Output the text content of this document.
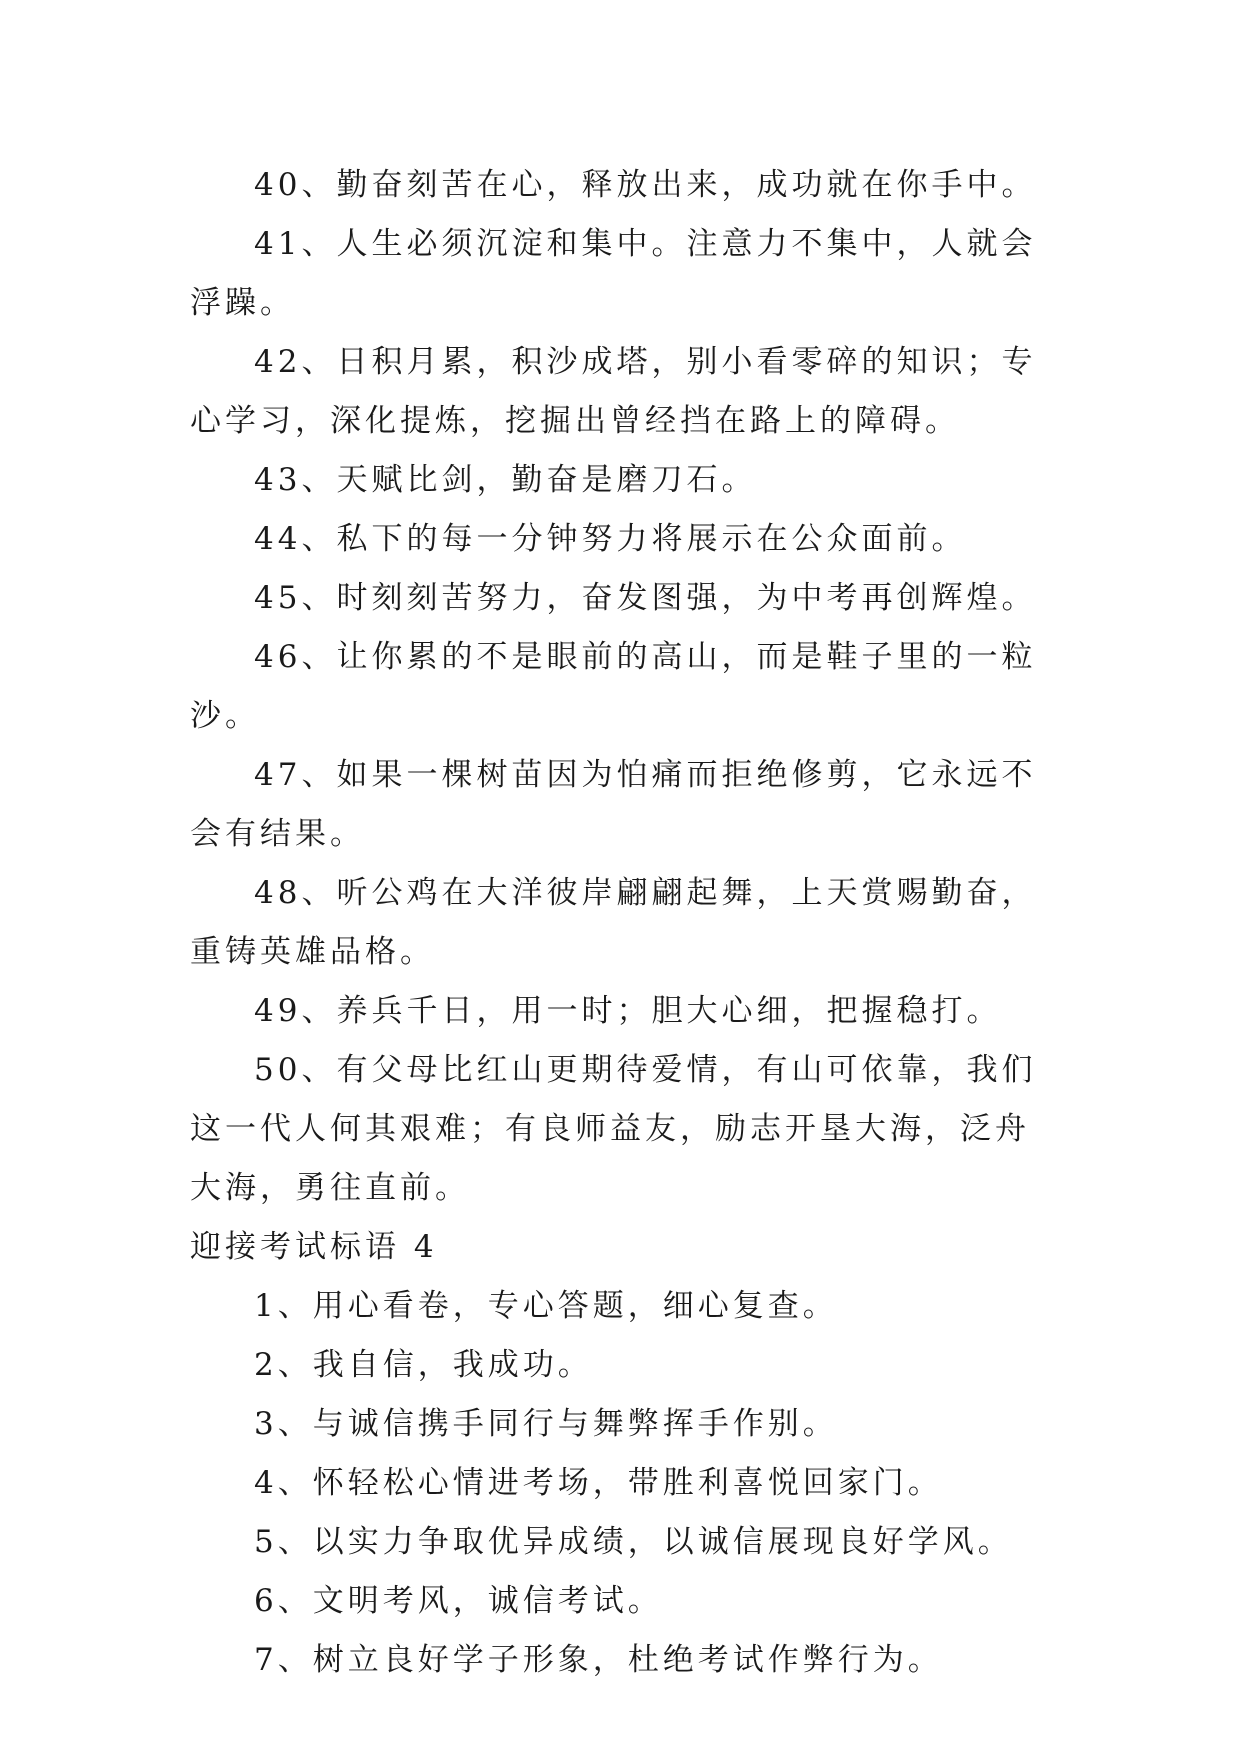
40、勤奋刻苦在心，释放出来，成功就在你手中。

41、人生必须沉淀和集中。注意力不集中，人就会浮躁。

42、日积月累，积沙成塔，别小看零碎的知识；专心学习，深化提炼，挖掘出曾经挡在路上的障碍。

43、天赋比剑，勤奋是磨刀石。

44、私下的每一分钟努力将展示在公众面前。

45、时刻刻苦努力，奋发图强，为中考再创辉煌。

46、让你累的不是眼前的高山，而是鞋子里的一粒沙。

47、如果一棵树苗因为怕痛而拒绝修剪，它永远不会有结果。

48、听公鸡在大洋彼岸翩翩起舞，上天赏赐勤奋，重铸英雄品格。

49、养兵千日，用一时；胆大心细，把握稳打。

50、有父母比红山更期待爱情，有山可依靠，我们这一代人何其艰难；有良师益友，励志开垦大海，泛舟大海，勇往直前。

迎接考试标语 4

1、用心看卷，专心答题，细心复查。

2、我自信，我成功。

3、与诚信携手同行与舞弊挥手作别。

4、怀轻松心情进考场，带胜利喜悦回家门。

5、以实力争取优异成绩，以诚信展现良好学风。

6、文明考风，诚信考试。

7、树立良好学子形象，杜绝考试作弊行为。
